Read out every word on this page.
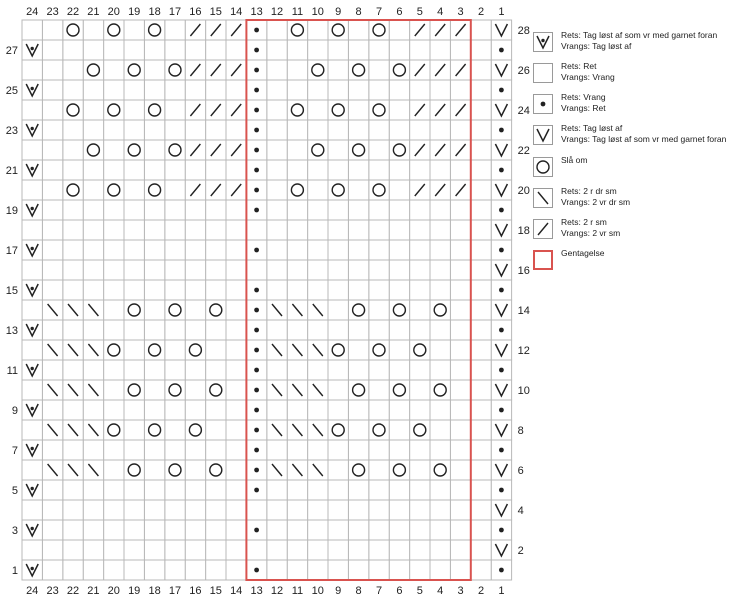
1
1
2
2
3
3
4
4
5
5
6
6
7
7
8
8
9
9
10
10
11
11
12
12
13
13
14
14
15
15
16
16
17
17
18
18
19
19
20
20
21
21
22
22
23
23
24
24
1
2
3
4
5
6
7
8
9
10
11
12
13
14
15
16
17
18
19
20
21
22
23
24
25
26
27
28	Rets: Tag løst af som vr med garnet foran
Vrangs: Tag løst af
Rets: Ret
Vrangs: Vrang
Rets: Vrang
Vrangs: Ret
Rets: Tag løst af
Vrangs: Tag løst af som vr med garnet foran
Slå om
Rets: 2 r dr sm
Vrangs: 2 vr dr sm
Rets: 2 r sm
Vrangs: 2 vr sm
Gentagelse
